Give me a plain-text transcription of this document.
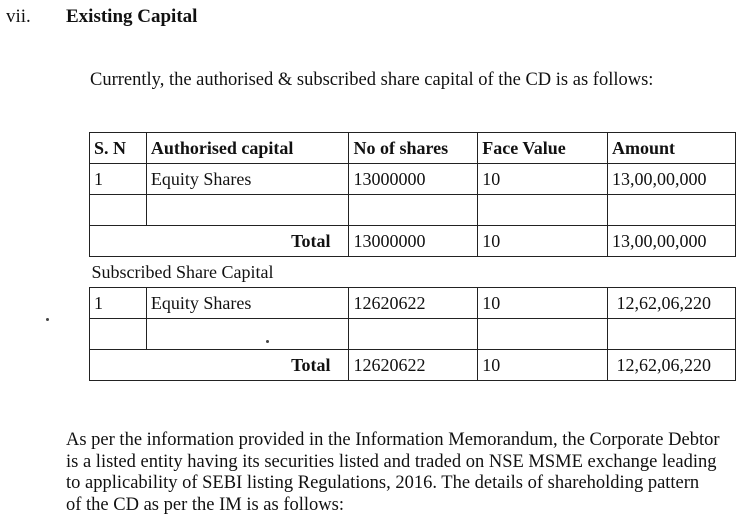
vii. Existing Capital
Currently, the authorised & subscribed share capital of the CD is as follows:
S. N	Authorised capital	No of shares	Face Value	Amount
1	Equity Shares	13000000	10	13,00,00,000

Total		13000000	10	13,00,00,000
Subscribed Share Capital				
1	Equity Shares	12620622	10	12,62,06,220

Total		12620622	10	12,62,06,220
As per the information provided in the Information Memorandum, the Corporate Debtor
is a listed entity having its securities listed and traded on NSE MSME exchange leading
to applicability of SEBI listing Regulations, 2016. The details of shareholding pattern
of the CD as per the IM is as follows:
